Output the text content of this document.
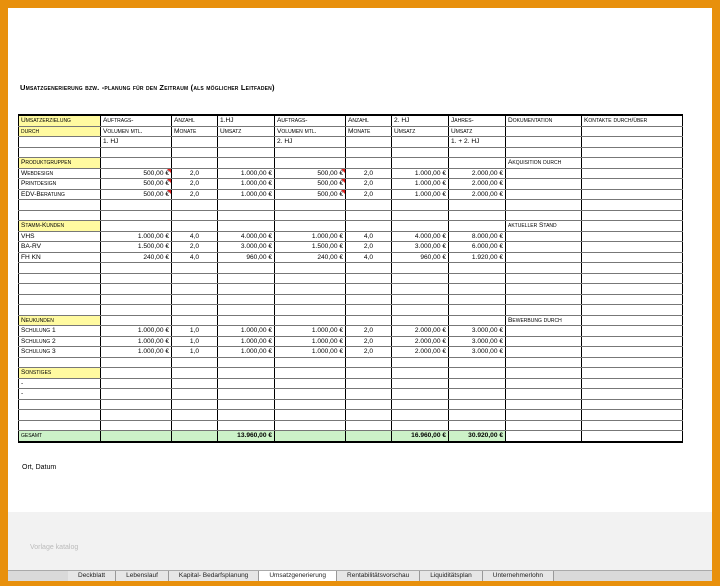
Umsatzgenerierung bzw. -planung für den Zeitraum (als möglicher Leitfaden)
Umsatzerzielung	Auftrags-	Anzahl	1.HJ	Auftrags-	Anzahl	2. HJ	Jahres-	Dokumentation	Kontakte durch/über
durch	Volumen mtl.	Monate	Umsatz	Volumen mtl.	Monate	Umsatz	Umsatz		
	1. HJ			2. HJ			1. + 2. HJ		

Produktgruppen								Akquisition durch	
Webdesign	500,00 €	2,0	1.000,00 €	500,00 €	2,0	1.000,00 €	2.000,00 €		
Printdesign	500,00 €	2,0	1.000,00 €	500,00 €	2,0	1.000,00 €	2.000,00 €		
EDV-Beratung	500,00 €	2,0	1.000,00 €	500,00 €	2,0	1.000,00 €	2.000,00 €		

Stamm-Kunden								aktueller Stand	
VHS	1.000,00 €	4,0	4.000,00 €	1.000,00 €	4,0	4.000,00 €	8.000,00 €		
BA-RV	1.500,00 €	2,0	3.000,00 €	1.500,00 €	2,0	3.000,00 €	6.000,00 €		
FH KN	240,00 €	4,0	960,00 €	240,00 €	4,0	960,00 €	1.920,00 €		

Neukunden								Bewerbung durch	
Schulung 1	1.000,00 €	1,0	1.000,00 €	1.000,00 €	2,0	2.000,00 €	3.000,00 €		
Schulung 2	1.000,00 €	1,0	1.000,00 €	1.000,00 €	2,0	2.000,00 €	3.000,00 €		
Schulung 3	1.000,00 €	1,0	1.000,00 €	1.000,00 €	2,0	2.000,00 €	3.000,00 €		

Sonstiges									
-									
-									

gesamt			13.960,00 €			16.960,00 €	30.920,00 €		
Ort, Datum
Vorlage katalog
Deckblatt	Lebenslauf	Kapital- Bedarfsplanung	Umsatzgenerierung	Rentabilitätsvorschau	Liquiditätsplan	Unternehmerlohn
